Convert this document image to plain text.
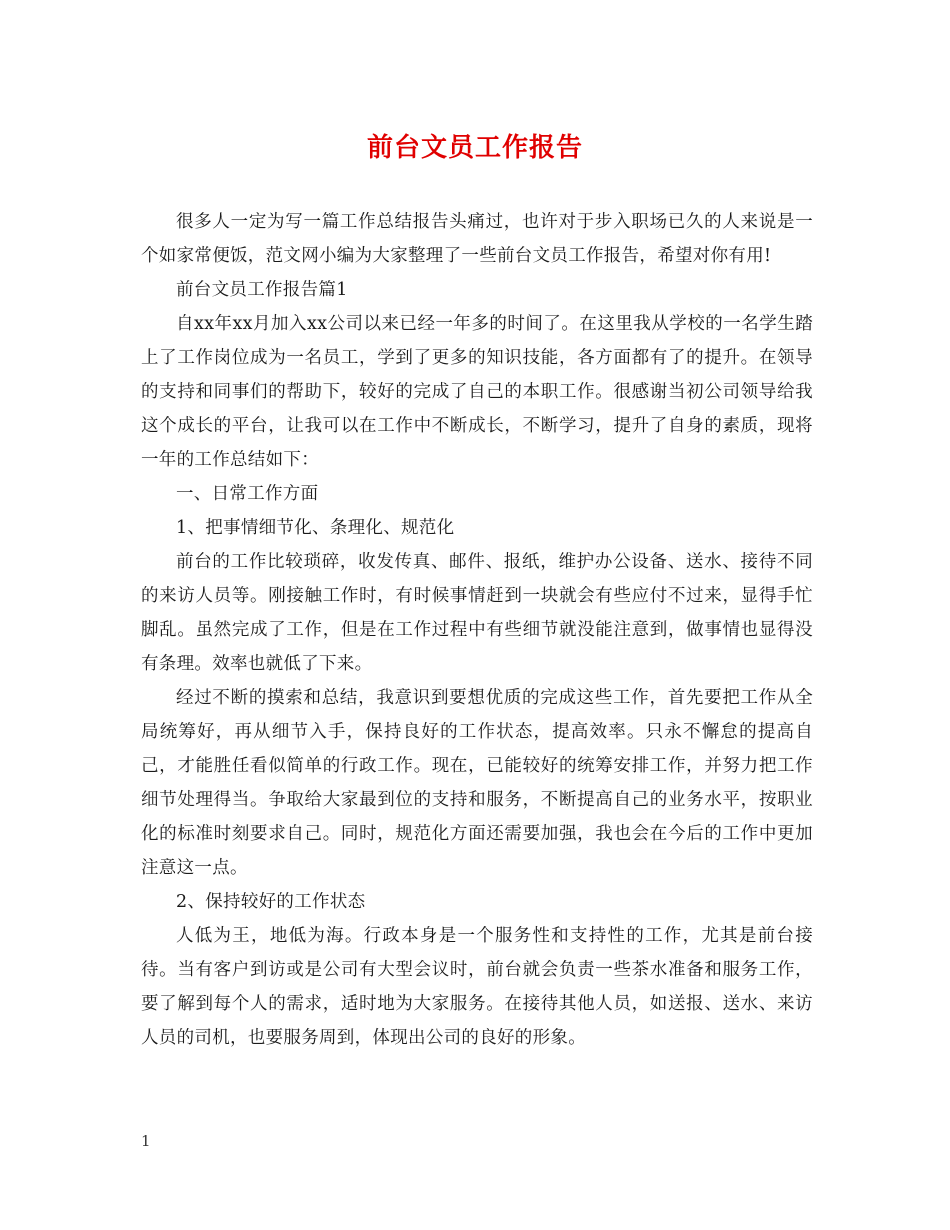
前台文员工作报告

很多人一定为写一篇工作总结报告头痛过，也许对于步入职场已久的人来说是一个如家常便饭，范文网小编为大家整理了一些前台文员工作报告，希望对你有用!

前台文员工作报告篇1

自xx年xx月加入xx公司以来已经一年多的时间了。在这里我从学校的一名学生踏上了工作岗位成为一名员工，学到了更多的知识技能，各方面都有了的提升。在领导的支持和同事们的帮助下，较好的完成了自己的本职工作。很感谢当初公司领导给我这个成长的平台，让我可以在工作中不断成长，不断学习，提升了自身的素质，现将一年的工作总结如下：

一、日常工作方面

1、把事情细节化、条理化、规范化

前台的工作比较琐碎，收发传真、邮件、报纸，维护办公设备、送水、接待不同的来访人员等。刚接触工作时，有时候事情赶到一块就会有些应付不过来，显得手忙脚乱。虽然完成了工作，但是在工作过程中有些细节就没能注意到，做事情也显得没有条理。效率也就低了下来。

经过不断的摸索和总结，我意识到要想优质的完成这些工作，首先要把工作从全局统筹好，再从细节入手，保持良好的工作状态，提高效率。只永不懈怠的提高自己，才能胜任看似简单的行政工作。现在，已能较好的统筹安排工作，并努力把工作细节处理得当。争取给大家最到位的支持和服务，不断提高自己的业务水平，按职业化的标准时刻要求自己。同时，规范化方面还需要加强，我也会在今后的工作中更加注意这一点。

2、保持较好的工作状态

人低为王，地低为海。行政本身是一个服务性和支持性的工作，尤其是前台接待。当有客户到访或是公司有大型会议时，前台就会负责一些茶水准备和服务工作，要了解到每个人的需求，适时地为大家服务。在接待其他人员，如送报、送水、来访人员的司机，也要服务周到，体现出公司的良好的形象。

1
